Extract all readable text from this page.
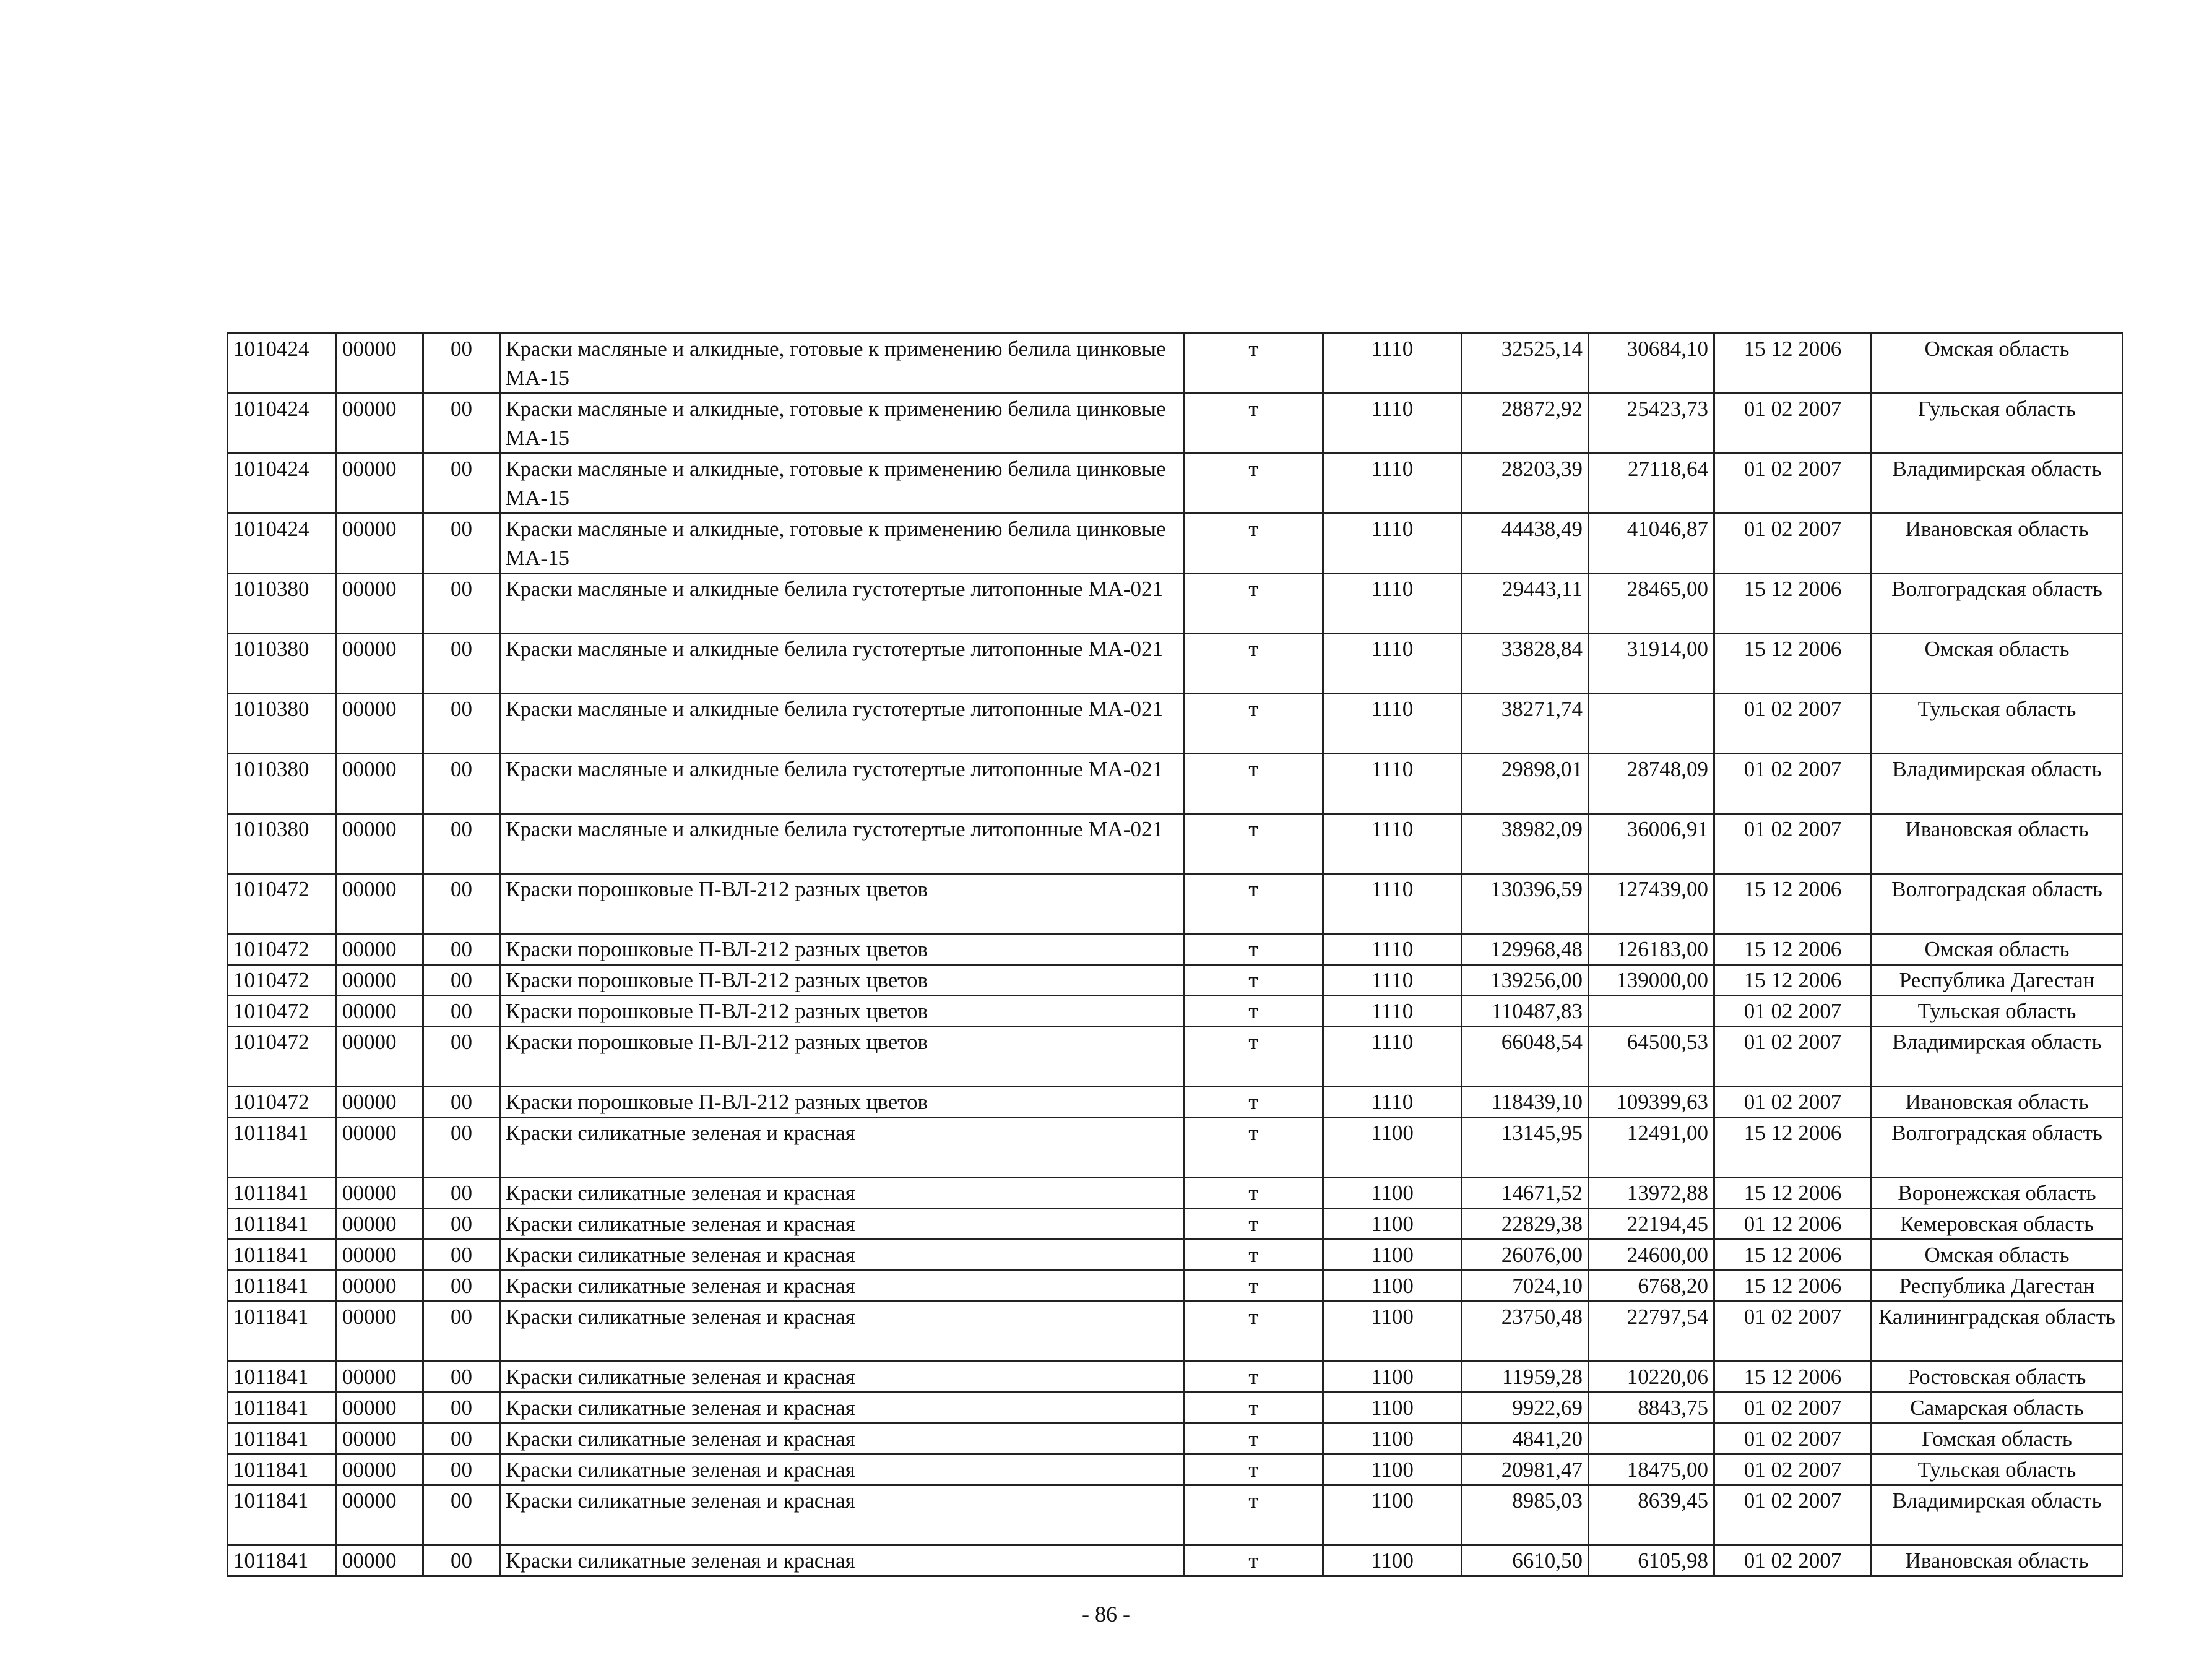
1010424	00000	00	Краски масляные и алкидные, готовые к применению белила цинковые МА-15	т	1110	32525,14	30684,10	15 12 2006	Омская область
1010424	00000	00	Краски масляные и алкидные, готовые к применению белила цинковые МА-15	т	1110	28872,92	25423,73	01 02 2007	Гульская область
1010424	00000	00	Краски масляные и алкидные, готовые к применению белила цинковые МА-15	т	1110	28203,39	27118,64	01 02 2007	Владимирская область
1010424	00000	00	Краски масляные и алкидные, готовые к применению белила цинковые МА-15	т	1110	44438,49	41046,87	01 02 2007	Ивановская область
1010380	00000	00	Краски масляные и алкидные белила густотертые литопонные МА-021	т	1110	29443,11	28465,00	15 12 2006	Волгоградская область
1010380	00000	00	Краски масляные и алкидные белила густотертые литопонные МА-021	т	1110	33828,84	31914,00	15 12 2006	Омская область
1010380	00000	00	Краски масляные и алкидные белила густотертые литопонные МА-021	т	1110	38271,74		01 02 2007	Тульская область
1010380	00000	00	Краски масляные и алкидные белила густотертые литопонные МА-021	т	1110	29898,01	28748,09	01 02 2007	Владимирская область
1010380	00000	00	Краски масляные и алкидные белила густотертые литопонные МА-021	т	1110	38982,09	36006,91	01 02 2007	Ивановская область
1010472	00000	00	Краски порошковые П-ВЛ-212 разных цветов	т	1110	130396,59	127439,00	15 12 2006	Волгоградская область
1010472	00000	00	Краски порошковые П-ВЛ-212 разных цветов	т	1110	129968,48	126183,00	15 12 2006	Омская область
1010472	00000	00	Краски порошковые П-ВЛ-212 разных цветов	т	1110	139256,00	139000,00	15 12 2006	Республика Дагестан
1010472	00000	00	Краски порошковые П-ВЛ-212 разных цветов	т	1110	110487,83		01 02 2007	Тульская область
1010472	00000	00	Краски порошковые П-ВЛ-212 разных цветов	т	1110	66048,54	64500,53	01 02 2007	Владимирская область
1010472	00000	00	Краски порошковые П-ВЛ-212 разных цветов	т	1110	118439,10	109399,63	01 02 2007	Ивановская область
1011841	00000	00	Краски силикатные зеленая и красная	т	1100	13145,95	12491,00	15 12 2006	Волгоградская область
1011841	00000	00	Краски силикатные зеленая и красная	т	1100	14671,52	13972,88	15 12 2006	Воронежская область
1011841	00000	00	Краски силикатные зеленая и красная	т	1100	22829,38	22194,45	01 12 2006	Кемеровская область
1011841	00000	00	Краски силикатные зеленая и красная	т	1100	26076,00	24600,00	15 12 2006	Омская область
1011841	00000	00	Краски силикатные зеленая и красная	т	1100	7024,10	6768,20	15 12 2006	Республика Дагестан
1011841	00000	00	Краски силикатные зеленая и красная	т	1100	23750,48	22797,54	01 02 2007	Калининградская область
1011841	00000	00	Краски силикатные зеленая и красная	т	1100	11959,28	10220,06	15 12 2006	Ростовская область
1011841	00000	00	Краски силикатные зеленая и красная	т	1100	9922,69	8843,75	01 02 2007	Самарская область
1011841	00000	00	Краски силикатные зеленая и красная	т	1100	4841,20		01 02 2007	Гомская область
1011841	00000	00	Краски силикатные зеленая и красная	т	1100	20981,47	18475,00	01 02 2007	Тульская область
1011841	00000	00	Краски силикатные зеленая и красная	т	1100	8985,03	8639,45	01 02 2007	Владимирская область
1011841	00000	00	Краски силикатные зеленая и красная	т	1100	6610,50	6105,98	01 02 2007	Ивановская область
- 86 -
